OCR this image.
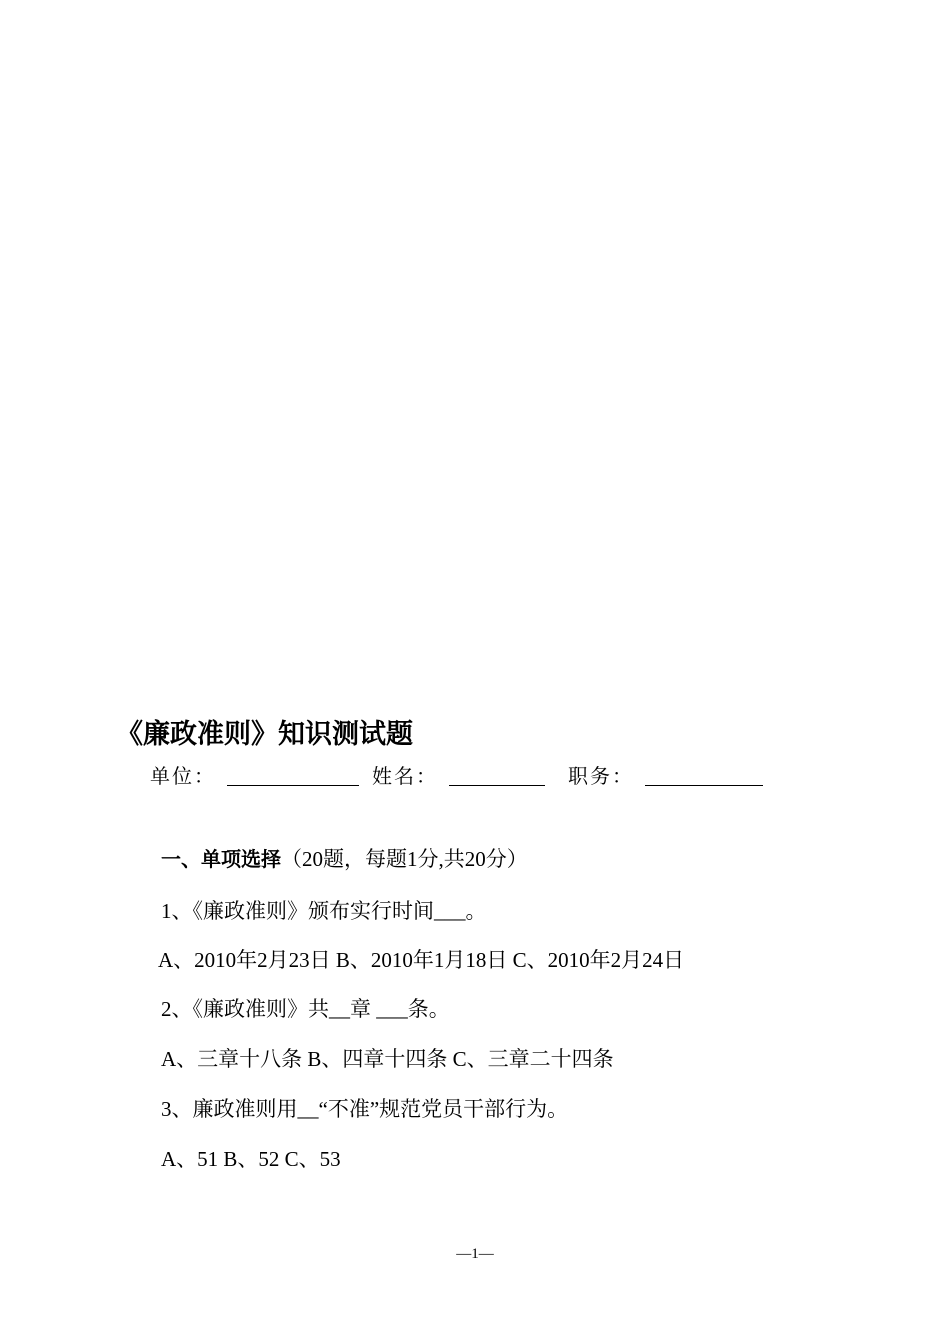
《廉政准则》知识测试题
单位：	姓名：	职务：
一、单项选择（20题，每题1分,共20分）
1、《廉政准则》颁布实行时间___。
A、2010年2月23日 B、2010年1月18日 C、2010年2月24日
2、《廉政准则》共__章 ___条。
A、三章十八条 B、四章十四条 C、三章二十四条
3、廉政准则用__“不准”规范党员干部行为。
A、51 B、52 C、53
—1—
